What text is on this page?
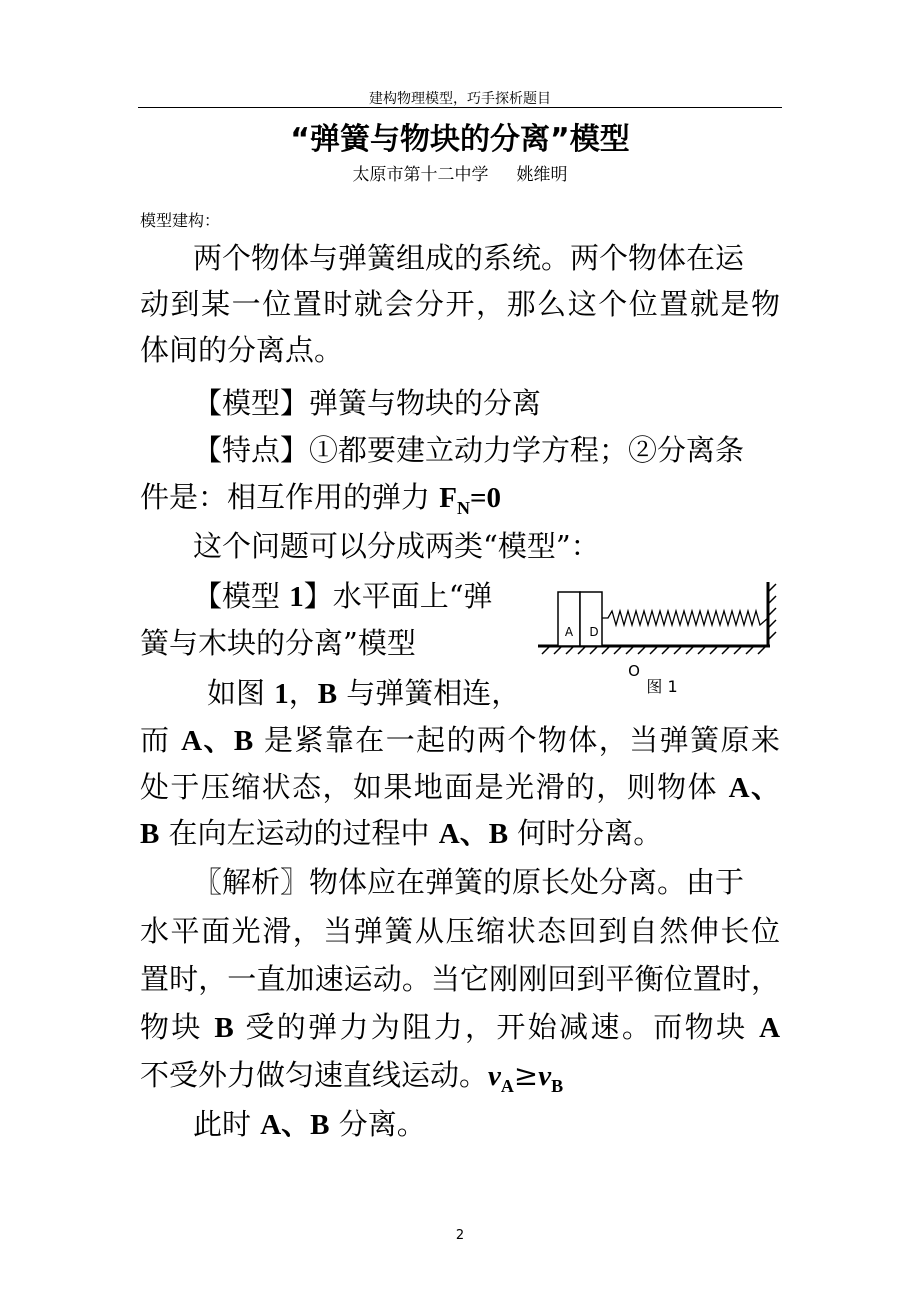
建构物理模型，巧手探析题目
“弹簧与物块的分离”模型
太原市第十二中学 姚维明
模型建构：
两个物体与弹簧组成的系统。两个物体在运
动到某一位置时就会分开，那么这个位置就是物
体间的分离点。
【模型】弹簧与物块的分离
【特点】①都要建立动力学方程；②分离条
件是：相互作用的弹力 $F_N=0$
这个问题可以分成两类“模型”：
【模型 1】水平面上“弹
簧与木块的分离”模型
如图 1，B 与弹簧相连，
而 A、B 是紧靠在一起的两个物体，当弹簧原来
处于压缩状态，如果地面是光滑的，则物体 A、
B 在向左运动的过程中 A、B 何时分离。
〖解析〗物体应在弹簧的原长处分离。由于
水平面光滑，当弹簧从压缩状态回到自然伸长位
置时，一直加速运动。当它刚刚回到平衡位置时，
物块 B 受的弹力为阻力，开始减速。而物块 A
不受外力做匀速直线运动。$v_A\ge v_B$
此时 A、B 分离。
A D
O
图 1
2
